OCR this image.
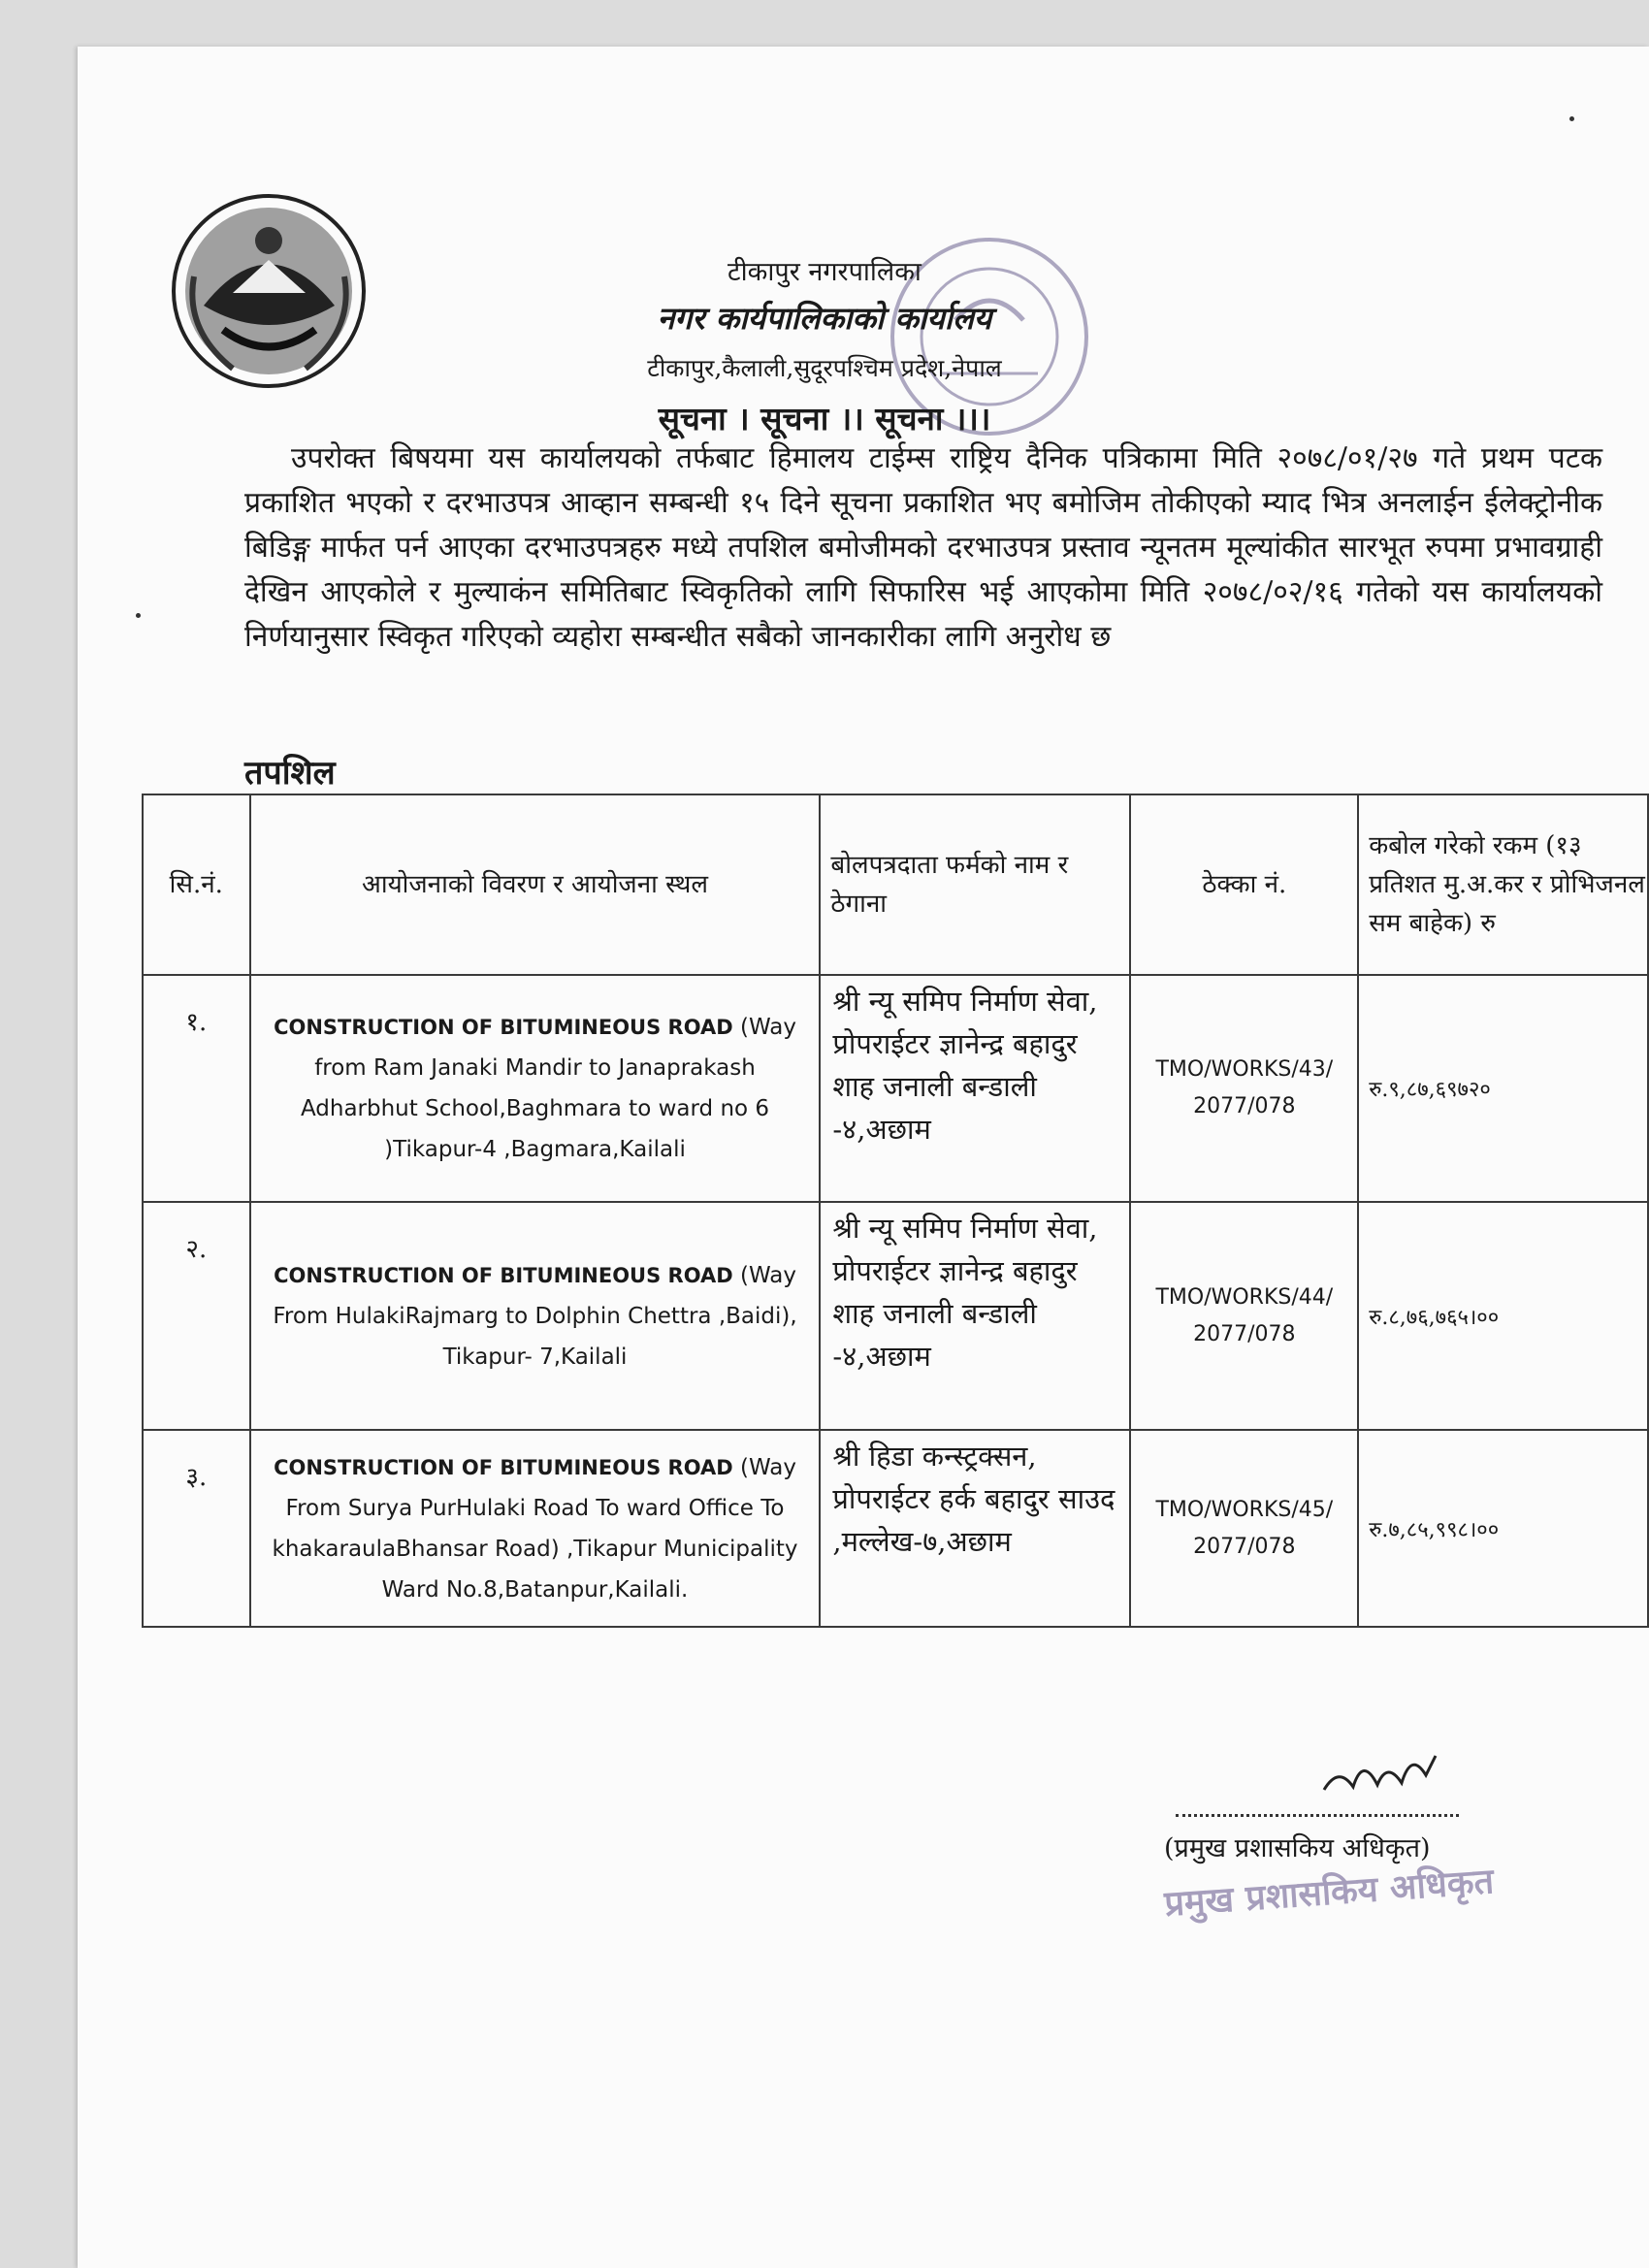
टीकापुर नगरपालिका
नगर कार्यपालिकाको कार्यालय
टीकापुर,कैलाली,सुदूरपश्चिम प्रदेश,नेपाल
सूचना । सूचना ।। सूचना ।।।
उपरोक्त बिषयमा यस कार्यालयको तर्फबाट हिमालय टाईम्स राष्ट्रिय दैनिक पत्रिकामा मिति २०७८/०१/२७ गते प्रथम पटक प्रकाशित भएको र दरभाउपत्र आव्हान सम्बन्धी १५ दिने सूचना प्रकाशित भए बमोजिम तोकीएको म्याद भित्र अनलाईन ईलेक्ट्रोनीक बिडिङ्ग मार्फत पर्न आएका दरभाउपत्रहरु मध्ये तपशिल बमोजीमको दरभाउपत्र प्रस्ताव न्यूनतम मूल्यांकीत सारभूत रुपमा प्रभावग्राही देखिन आएकोले र मुल्याकंन समितिबाट स्विकृतिको लागि सिफारिस भई आएकोमा मिति २०७८/०२/१६ गतेको यस कार्यालयको निर्णयानुसार स्विकृत गरिएको व्यहोरा सम्बन्धीत सबैको जानकारीका लागि अनुरोध छ
तपशिल
सि.नं.	आयोजनाको विवरण र आयोजना स्थल	बोलपत्रदाता फर्मको नाम र ठेगाना	ठेक्का नं.	कबोल गरेको रकम (१३ प्रतिशत मु.अ.कर र प्रोभिजनल सम बाहेक) रु
१.	CONSTRUCTION OF BITUMINEOUS ROAD (Way from Ram Janaki Mandir to Janaprakash Adharbhut School,Baghmara to ward no 6 )Tikapur-4 ,Bagmara,Kailali	श्री न्यू समिप निर्माण सेवा, प्रोपराईटर ज्ञानेन्द्र बहादुर शाह जनाली बन्डाली -४,अछाम	TMO/WORKS/43/ 2077/078	रु.९,८७,६९७२०
२.	CONSTRUCTION OF BITUMINEOUS ROAD (Way From HulakiRajmarg to Dolphin Chettra ,Baidi), Tikapur- 7,Kailali	श्री न्यू समिप निर्माण सेवा, प्रोपराईटर ज्ञानेन्द्र बहादुर शाह जनाली बन्डाली -४,अछाम	TMO/WORKS/44/ 2077/078	रु.८,७६,७६५।००
३.	CONSTRUCTION OF BITUMINEOUS ROAD (Way From Surya PurHulaki Road To ward Office To khakaraulaBhansar Road) ,Tikapur Municipality Ward No.8,Batanpur,Kailali.	श्री हिडा कन्स्ट्रक्सन, प्रोपराईटर हर्क बहादुर साउद ,मल्लेख-७,अछाम	TMO/WORKS/45/ 2077/078	रु.७,८५,९९८।००
(प्रमुख प्रशासकिय अधिकृत)
प्रमुख प्रशासकिय अधिकृत
